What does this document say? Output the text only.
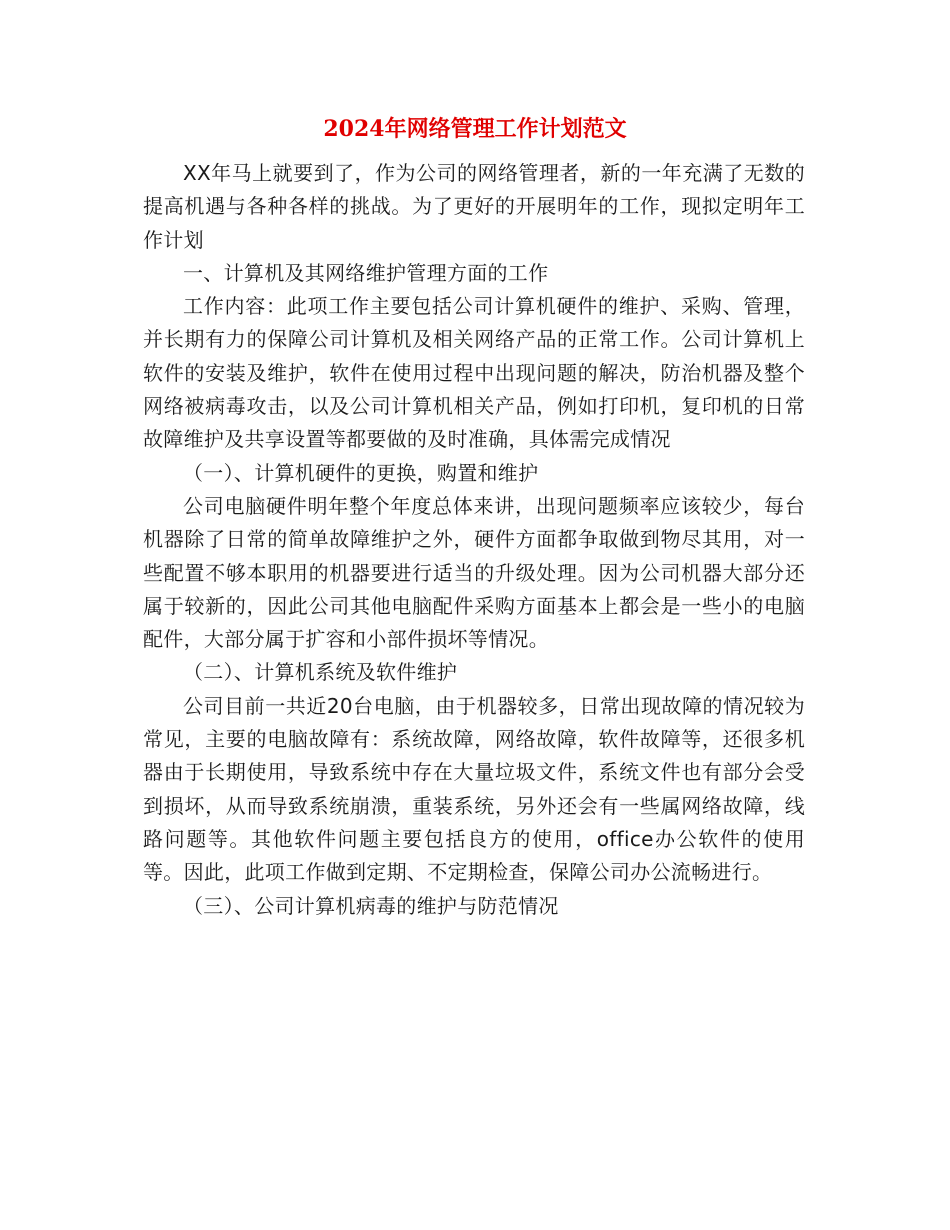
2024年网络管理工作计划范文

XX年马上就要到了，作为公司的网络管理者，新的一年充满了无数的提高机遇与各种各样的挑战。为了更好的开展明年的工作，现拟定明年工作计划

一、计算机及其网络维护管理方面的工作

工作内容：此项工作主要包括公司计算机硬件的维护、采购、管理，并长期有力的保障公司计算机及相关网络产品的正常工作。公司计算机上软件的安装及维护，软件在使用过程中出现问题的解决，防治机器及整个网络被病毒攻击，以及公司计算机相关产品，例如打印机，复印机的日常故障维护及共享设置等都要做的及时准确，具体需完成情况

（一）、计算机硬件的更换，购置和维护

公司电脑硬件明年整个年度总体来讲，出现问题频率应该较少，每台机器除了日常的简单故障维护之外，硬件方面都争取做到物尽其用，对一些配置不够本职用的机器要进行适当的升级处理。因为公司机器大部分还属于较新的，因此公司其他电脑配件采购方面基本上都会是一些小的电脑配件，大部分属于扩容和小部件损坏等情况。

（二）、计算机系统及软件维护

公司目前一共近20台电脑，由于机器较多，日常出现故障的情况较为常见，主要的电脑故障有：系统故障，网络故障，软件故障等，还很多机器由于长期使用，导致系统中存在大量垃圾文件，系统文件也有部分会受到损坏，从而导致系统崩溃，重装系统，另外还会有一些属网络故障，线路问题等。其他软件问题主要包括良方的使用，office办公软件的使用等。因此，此项工作做到定期、不定期检查，保障公司办公流畅进行。

（三）、公司计算机病毒的维护与防范情况
